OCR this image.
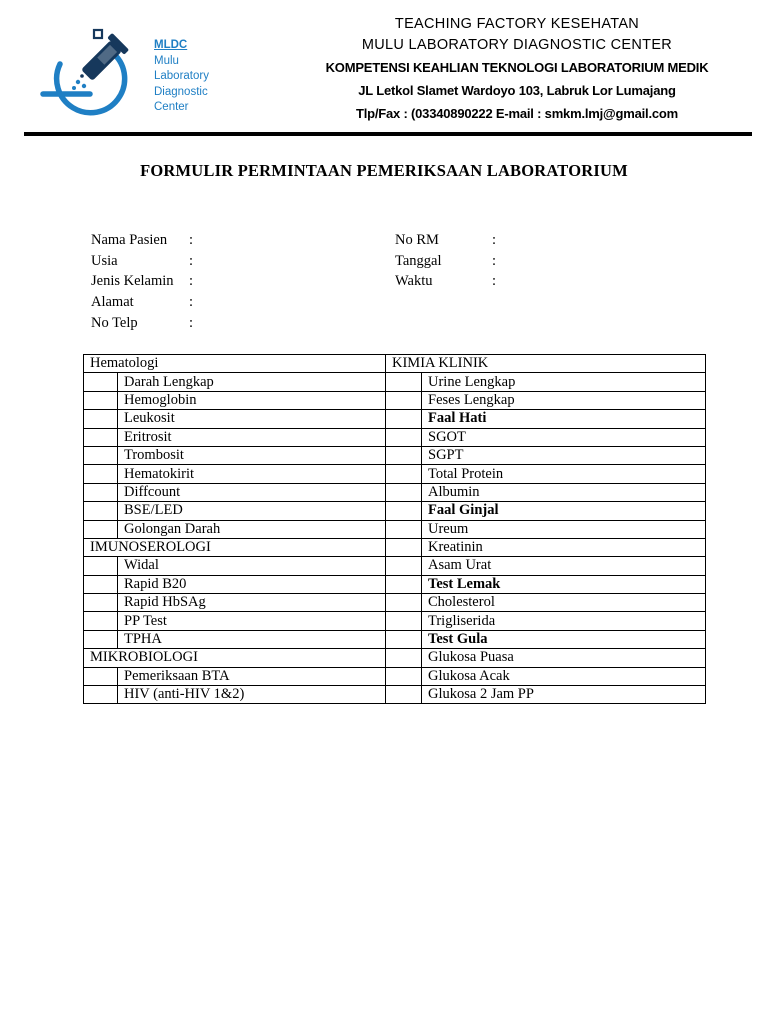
MLDC
Mulu
Laboratory
Diagnostic
Center
TEACHING FACTORY KESEHATAN
MULU LABORATORY DIAGNOSTIC CENTER
KOMPETENSI KEAHLIAN TEKNOLOGI LABORATORIUM MEDIK
JL Letkol Slamet Wardoyo 103, Labruk Lor Lumajang
Tlp/Fax : (03340890222 E-mail : smkm.lmj@gmail.com
FORMULIR PERMINTAAN PEMERIKSAAN LABORATORIUM
Nama Pasien :
Usia	:
Jenis Kelamin :
Alamat	:
No Telp	:
No RM	:
Tanggal	:
Waktu	:
Hematologi		KIMIA KLINIK	
	Darah Lengkap		Urine Lengkap
	Hemoglobin		Feses Lengkap
	Leukosit		Faal Hati
	Eritrosit		SGOT
	Trombosit		SGPT
	Hematokirit		Total Protein
	Diffcount		Albumin
	BSE/LED		Faal Ginjal
	Golongan Darah		Ureum
IMUNOSEROLOGI			Kreatinin
	Widal		Asam Urat
	Rapid B20		Test Lemak
	Rapid HbSAg		Cholesterol
	PP Test		Trigliserida
	TPHA		Test Gula
MIKROBIOLOGI			Glukosa Puasa
	Pemeriksaan BTA		Glukosa Acak
	HIV (anti-HIV 1&2)		Glukosa 2 Jam PP
